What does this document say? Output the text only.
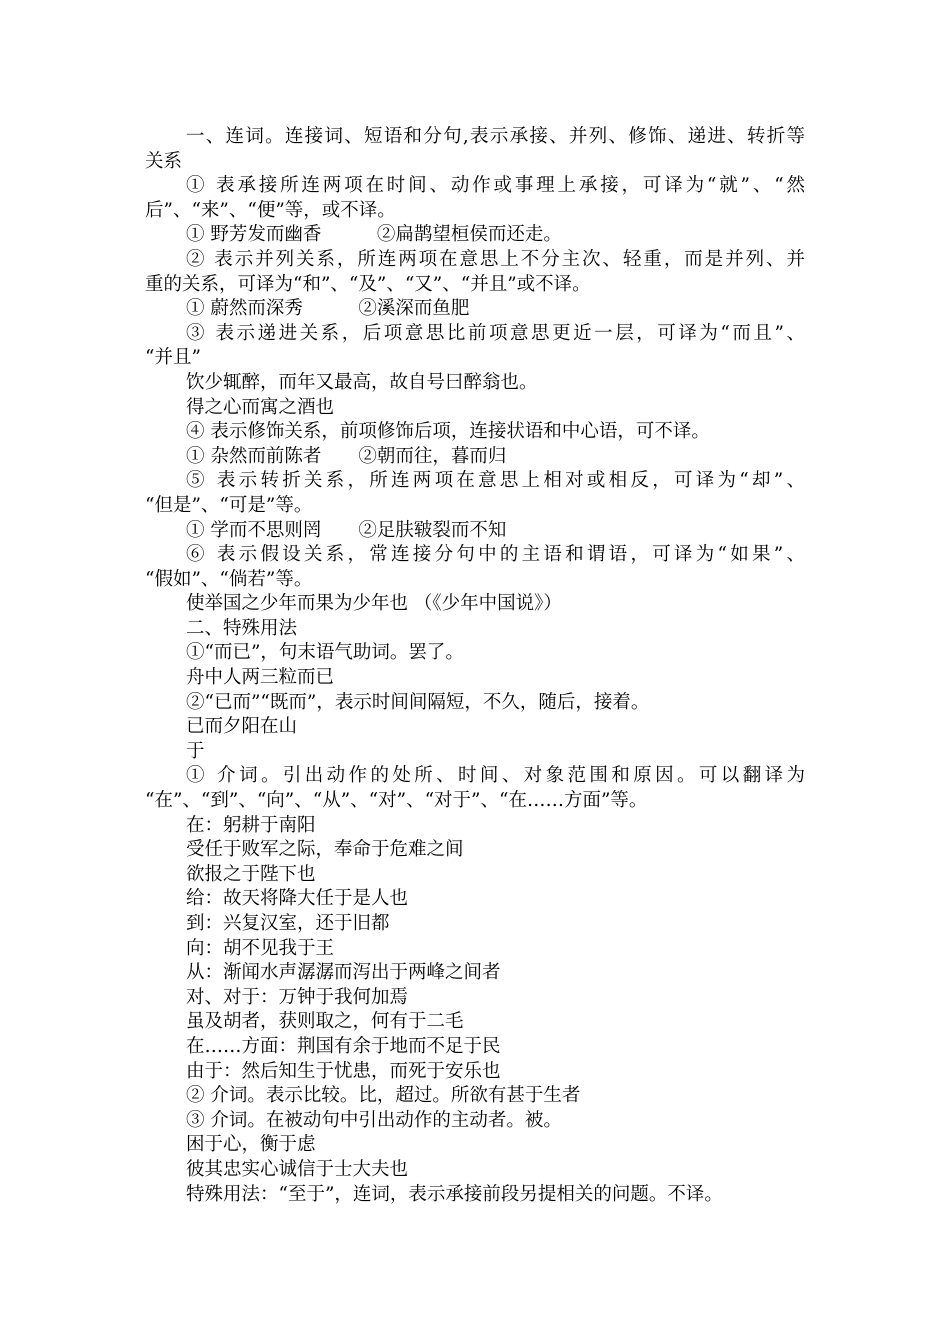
一、连词。连接词、短语和分句,表示承接、并列、修饰、递进、转折等
关系
① 表承接所连两项在时间、动作或事理上承接，可译为“就”、“然
后”、“来”、“便”等，或不译。
① 野芳发而幽香　　　②扁鹊望桓侯而还走。
② 表示并列关系，所连两项在意思上不分主次、轻重，而是并列、并
重的关系，可译为“和”、“及”、“又”、“并且”或不译。
① 蔚然而深秀　　　②溪深而鱼肥
③ 表示递进关系，后项意思比前项意思更近一层，可译为“而且”、
“并且”
饮少辄醉，而年又最高，故自号曰醉翁也。
得之心而寓之酒也
④ 表示修饰关系，前项修饰后项，连接状语和中心语，可不译。
① 杂然而前陈者　　②朝而往，暮而归
⑤ 表示转折关系，所连两项在意思上相对或相反，可译为“却”、
“但是”、“可是”等。
① 学而不思则罔　　②足肤皲裂而不知
⑥ 表示假设关系，常连接分句中的主语和谓语，可译为“如果”、
“假如”、“倘若”等。
使举国之少年而果为少年也 （《少年中国说》）
二、特殊用法
①“而已”，句末语气助词。罢了。
舟中人两三粒而已
②“已而”“既而”，表示时间间隔短，不久，随后，接着。
已而夕阳在山
于
① 介词。引出动作的处所、时间、对象范围和原因。可以翻译为
“在”、“到”、“向”、“从”、“对”、“对于”、“在……方面”等。
在：躬耕于南阳
受任于败军之际，奉命于危难之间
欲报之于陛下也
给：故天将降大任于是人也
到：兴复汉室，还于旧都
向：胡不见我于王
从：渐闻水声潺潺而泻出于两峰之间者
对、对于：万钟于我何加焉
虽及胡者，获则取之，何有于二毛
在……方面：荆国有余于地而不足于民
由于：然后知生于忧患，而死于安乐也
② 介词。表示比较。比，超过。所欲有甚于生者
③ 介词。在被动句中引出动作的主动者。被。
困于心，衡于虑
彼其忠实心诚信于士大夫也
特殊用法：“至于”，连词，表示承接前段另提相关的问题。不译。
